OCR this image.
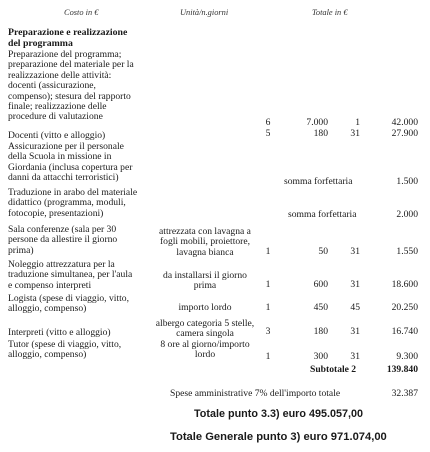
Costo in €	Unità/n.giorni	Totale in €
Preparazione e realizzazione
del programma
Preparazione del programma;
preparazione del materiale per la
realizzazione delle attività:
docenti (assicurazione,
compenso); stesura del rapporto
finale; realizzazione delle
procedure di valutazione
6	7.000	1	42.000
Docenti (vitto e alloggio)	5	180	31	27.900
Assicurazione per il personale
della Scuola in missione in
Giordania (inclusa copertura per
danni da attacchi terroristici)	somma forfettaria	1.500
Traduzione in arabo del materiale
didattico (programma, moduli,
fotocopie, presentazioni)	somma forfettaria	2.000
Sala conferenze (sala per 30
persone da allestire il giorno
prima)
attrezzata con lavagna a
fogli mobili, proiettore,
lavagna bianca	1	50	31	1.550
Noleggio attrezzatura per la
traduzione simultanea, per l'aula
e compenso interpreti
da installarsi il giorno
prima	1	600	31	18.600
Logista (spese di viaggio, vitto,
alloggio, compenso)	importo lordo	1	450	45	20.250
albergo categoria 5 stelle,
camera singola
Interpreti (vitto e alloggio)	3	180	31	16.740
Tutor (spese di viaggio, vitto,
alloggio, compenso)
8 ore al giorno/importo
lordo	1	300	31	9.300
Subtotale 2	139.840
Spese amministrative 7% dell'importo totale	32.387
Totale punto 3.3) euro 495.057,00
Totale Generale punto 3) euro 971.074,00
